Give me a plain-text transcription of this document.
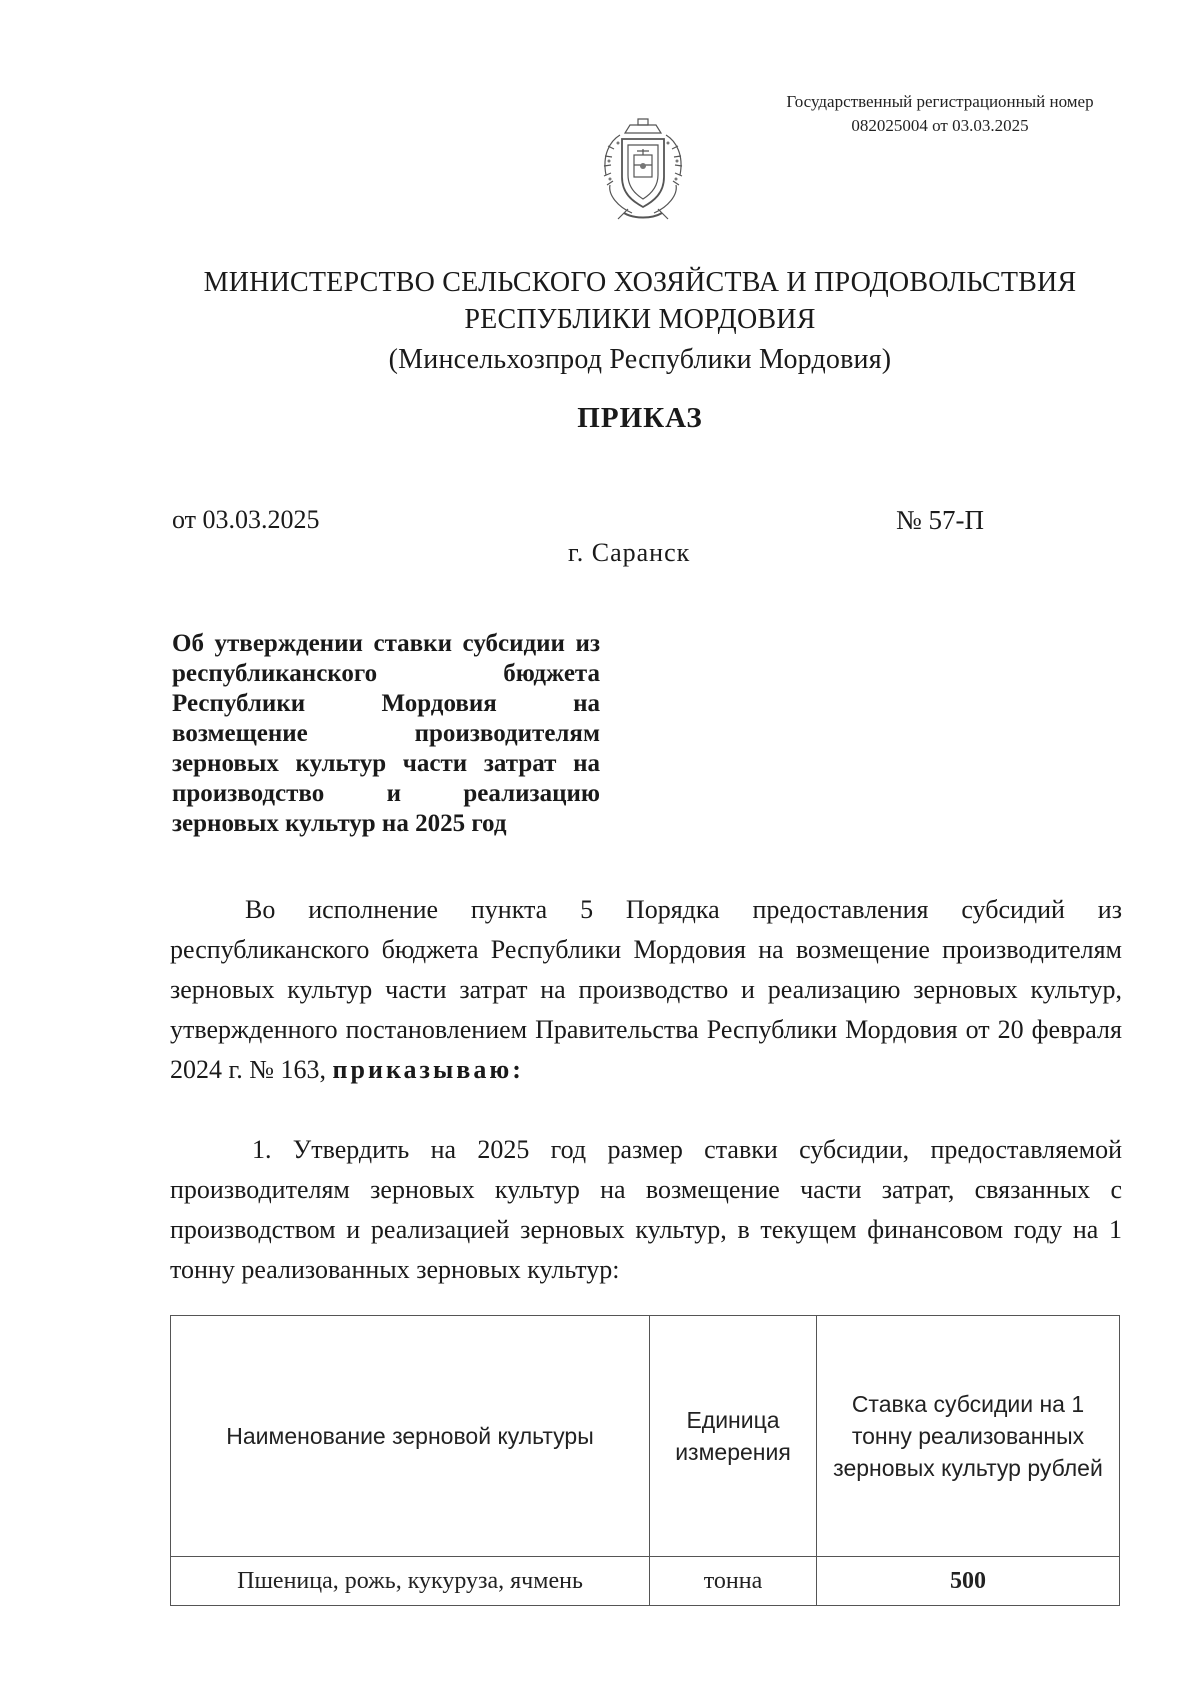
Государственный регистрационный номер
082025004 от 03.03.2025
МИНИСТЕРСТВО СЕЛЬСКОГО ХОЗЯЙСТВА И ПРОДОВОЛЬСТВИЯ
РЕСПУБЛИКИ МОРДОВИЯ
(Минсельхозпрод Республики Мордовия)
ПРИКАЗ
от 03.03.2025	№ 57-П
г. Саранск
Об утверждении ставки субсидии из республиканского бюджета Республики Мордовия на возмещение производителям зерновых культур части затрат на производство и реализацию зерновых культур на 2025 год
Во исполнение пункта 5 Порядка предоставления субсидий из республиканского бюджета Республики Мордовия на возмещение производителям зерновых культур части затрат на производство и реализацию зерновых культур, утвержденного постановлением Правительства Республики Мордовия от 20 февраля 2024 г. № 163, приказываю:
1. Утвердить на 2025 год размер ставки субсидии, предоставляемой производителям зерновых культур на возмещение части затрат, связанных с производством и реализацией зерновых культур, в текущем финансовом году на 1 тонну реализованных зерновых культур:
Наименование зерновой культуры	Единица измерения	Ставка субсидии на 1 тонну реализованных зерновых культур рублей
Пшеница, рожь, кукуруза, ячмень	тонна	500
